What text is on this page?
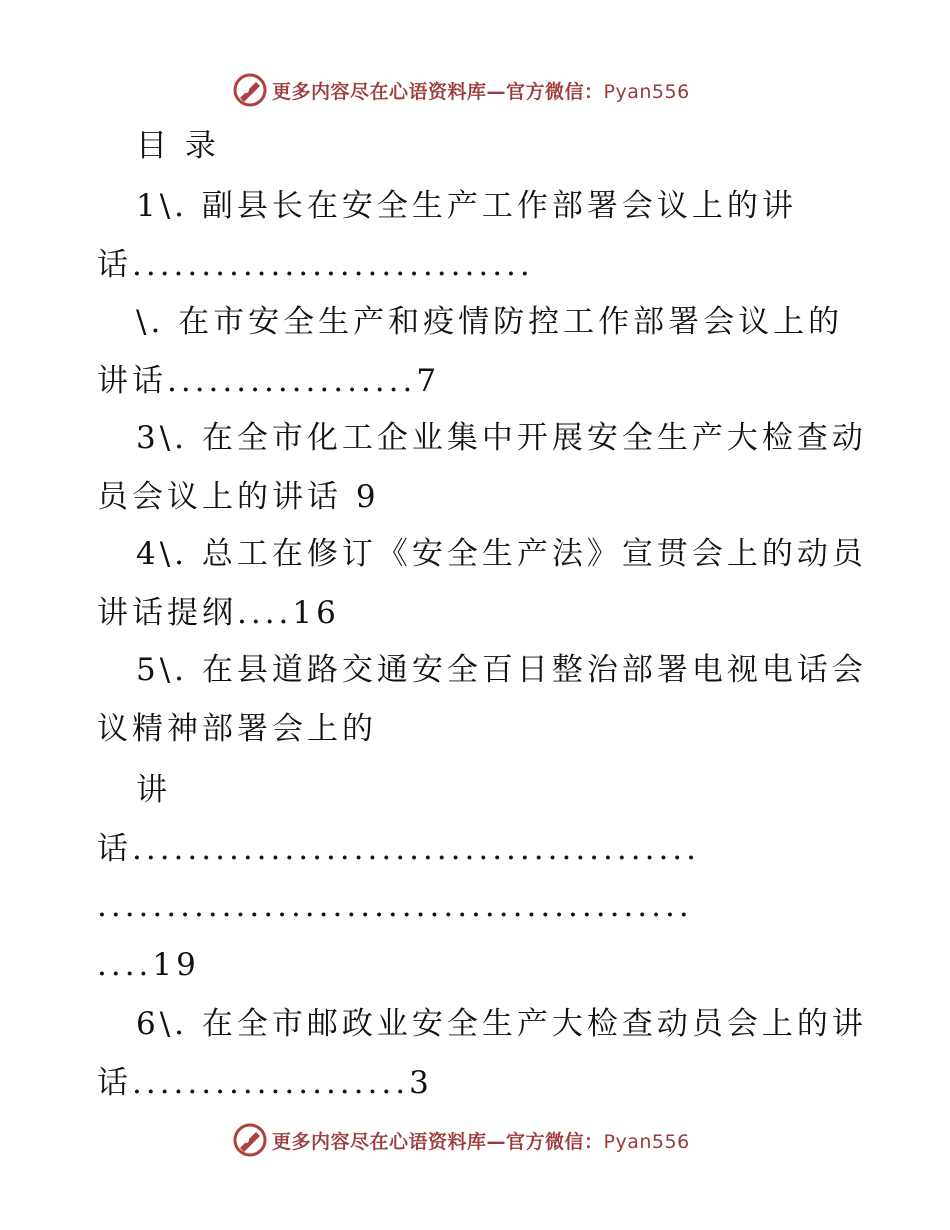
更多内容尽在心语资料库—官方微信：Pyan556
目 录
1\. 副县长在安全生产工作部署会议上的讲
话.............................
\. 在市安全生产和疫情防控工作部署会议上的
讲话..................7
3\. 在全市化工企业集中开展安全生产大检查动
员会议上的讲话 9
4\. 总工在修订《安全生产法》宣贯会上的动员
讲话提纲....16
5\. 在县道路交通安全百日整治部署电视电话会
议精神部署会上的
讲
话.........................................
...........................................
....19
6\. 在全市邮政业安全生产大检查动员会上的讲
话....................3
更多内容尽在心语资料库—官方微信：Pyan556
